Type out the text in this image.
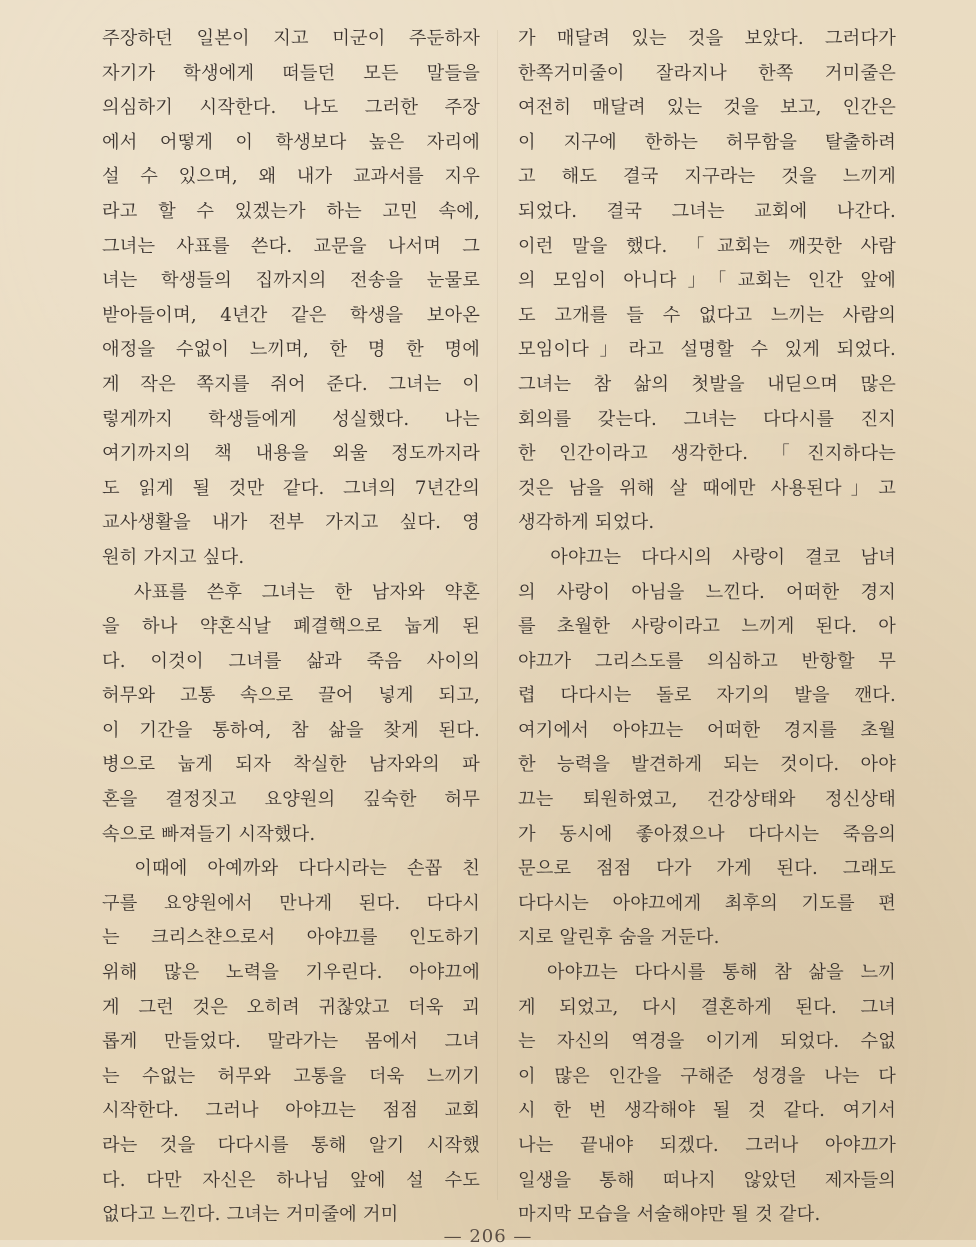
주장하던 일본이 지고 미군이 주둔하자
자기가 학생에게 떠들던 모든 말들을
의심하기 시작한다. 나도 그러한 주장
에서 어떻게 이 학생보다 높은 자리에
설 수 있으며, 왜 내가 교과서를 지우
라고 할 수 있겠는가 하는 고민 속에,
그녀는 사표를 쓴다. 교문을 나서며 그
녀는 학생들의 집까지의 전송을 눈물로
받아들이며, 4년간 같은 학생을 보아온
애정을 수없이 느끼며, 한 명 한 명에
게 작은 쪽지를 쥐어 준다. 그녀는 이
렇게까지 학생들에게 성실했다. 나는
여기까지의 책 내용을 외울 정도까지라
도 읽게 될 것만 같다. 그녀의 7년간의
교사생활을 내가 전부 가지고 싶다. 영
원히 가지고 싶다.
　사표를 쓴후 그녀는 한 남자와 약혼
을 하나 약혼식날 폐결핵으로 눕게 된
다. 이것이 그녀를 삶과 죽음 사이의
허무와 고통 속으로 끌어 넣게 되고,
이 기간을 통하여, 참 삶을 찾게 된다.
병으로 눕게 되자 착실한 남자와의 파
혼을 결정짓고 요양원의 깊숙한 허무
속으로 빠져들기 시작했다.
　이때에 아예까와 다다시라는 손꼽 친
구를 요양원에서 만나게 된다. 다다시
는 크리스챤으로서 아야끄를 인도하기
위해 많은 노력을 기우린다. 아야끄에
게 그런 것은 오히려 귀찮았고 더욱 괴
롭게 만들었다. 말라가는 몸에서 그녀
는 수없는 허무와 고통을 더욱 느끼기
시작한다. 그러나 아야끄는 점점 교회
라는 것을 다다시를 통해 알기 시작했
다. 다만 자신은 하나님 앞에 설 수도
없다고 느낀다. 그녀는 거미줄에 거미
가 매달려 있는 것을 보았다. 그러다가
한쪽거미줄이 잘라지나 한쪽 거미줄은
여전히 매달려 있는 것을 보고, 인간은
이 지구에 한하는 허무함을 탈출하려
고 해도 결국 지구라는 것을 느끼게
되었다. 결국 그녀는 교회에 나간다.
이런 말을 했다. 「교회는 깨끗한 사람
의 모임이 아니다」「교회는 인간 앞에
도 고개를 들 수 없다고 느끼는 사람의
모임이다」라고 설명할 수 있게 되었다.
그녀는 참 삶의 첫발을 내딛으며 많은
회의를 갖는다. 그녀는 다다시를 진지
한 인간이라고 생각한다. 「진지하다는
것은 남을 위해 살 때에만 사용된다」고
생각하게 되었다.
　아야끄는 다다시의 사랑이 결코 남녀
의 사랑이 아님을 느낀다. 어떠한 경지
를 초월한 사랑이라고 느끼게 된다. 아
야끄가 그리스도를 의심하고 반항할 무
렵 다다시는 돌로 자기의 발을 깬다.
여기에서 아야끄는 어떠한 경지를 초월
한 능력을 발견하게 되는 것이다. 아야
끄는 퇴원하였고, 건강상태와 정신상태
가 동시에 좋아졌으나 다다시는 죽음의
문으로 점점 다가 가게 된다. 그래도
다다시는 아야끄에게 최후의 기도를 편
지로 알린후 숨을 거둔다.
　아야끄는 다다시를 통해 참 삶을 느끼
게 되었고, 다시 결혼하게 된다. 그녀
는 자신의 역경을 이기게 되었다. 수없
이 많은 인간을 구해준 성경을 나는 다
시 한 번 생각해야 될 것 같다. 여기서
나는 끝내야 되겠다. 그러나 아야끄가
일생을 통해 떠나지 않았던 제자들의
마지막 모습을 서술해야만 될 것 같다.
— 206 —
